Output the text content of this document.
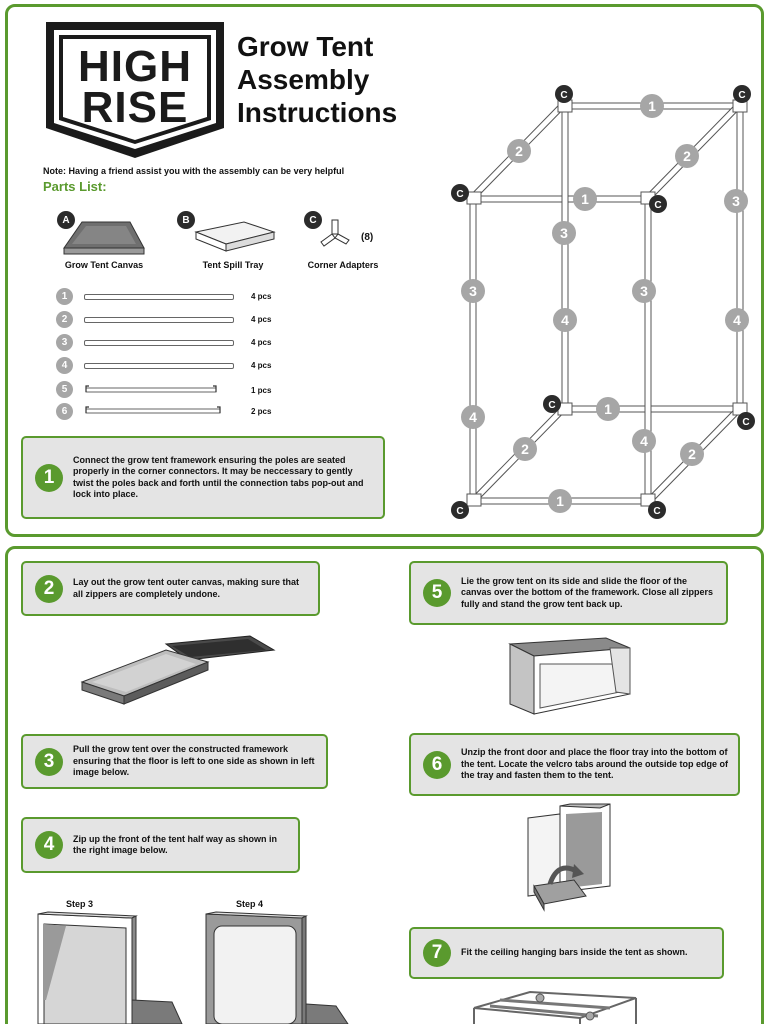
HIGH
RISE
Grow Tent
Assembly
Instructions
Note: Having a friend assist you with the assembly can be very helpful
Parts List:
A
Grow Tent Canvas
B
Tent Spill Tray
C
(8)
Corner Adapters
1	4 pcs
2	4 pcs
3	4 pcs
4	4 pcs
5	1 pcs
6	2 pcs
1
Connect the grow tent framework ensuring the poles are seated properly in the corner connectors. It may be neccessary to gently twist the poles back and forth until the connection tabs pop-out and lock into place.
C	C
C
C
C
C
C	C
1
1
1
1
2	2
2	2
3
3	3
3
4	4
4
4
2	Lay out the grow tent outer canvas, making sure that all zippers are completely undone.
3
Pull the grow tent over the constructed framework ensuring that the floor is left to one side as shown in left image below.
4	Zip up the front of the tent half way as shown in the right image below.
Step 3	Step 4
5
Lie the grow tent on its side and slide the floor of the canvas over the bottom of the framework. Close all zippers fully and stand the grow tent back up.
6
Unzip the front door and place the floor tray into the bottom of the tent. Locate the velcro tabs around the outside top edge of the tray and fasten them to the tent.
7	Fit the ceiling hanging bars inside the tent as shown.
